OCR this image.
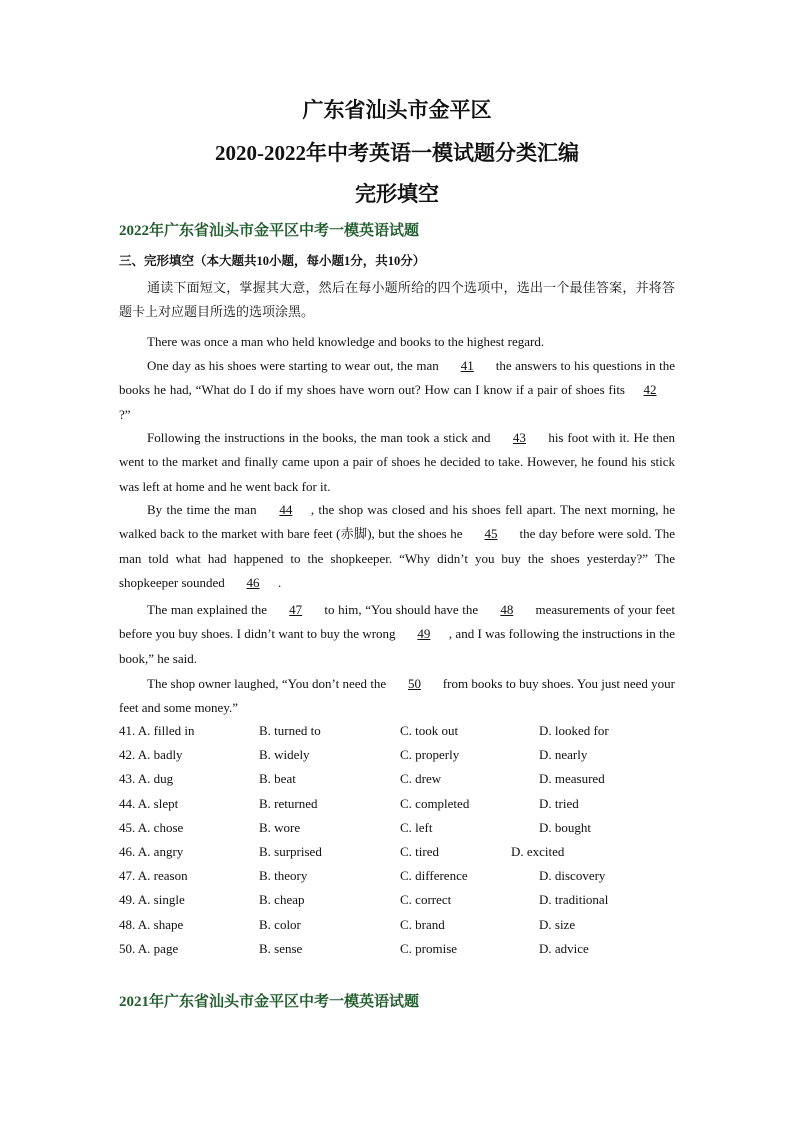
广东省汕头市金平区
2020-2022年中考英语一模试题分类汇编
完形填空
2022年广东省汕头市金平区中考一模英语试题
三、完形填空（本大题共10小题，每小题1分，共10分）
通读下面短文，掌握其大意，然后在每小题所给的四个选项中，选出一个最佳答案，并将答题卡上对应题目所选的选项涂黑。
There was once a man who held knowledge and books to the highest regard.
One day as his shoes were starting to wear out, the man 41 the answers to his questions in the books he had, “What do I do if my shoes have worn out? How can I know if a pair of shoes fits 42?”
Following the instructions in the books, the man took a stick and 43 his foot with it. He then went to the market and finally came upon a pair of shoes he decided to take. However, he found his stick was left at home and he went back for it.
By the time the man 44 , the shop was closed and his shoes fell apart. The next morning, he walked back to the market with bare feet (赤脚), but the shoes he 45 the day before were sold. The man told what had happened to the shopkeeper. “Why didn’t you buy the shoes yesterday?” The shopkeeper sounded 46 .
The man explained the 47 to him, “You should have the 48 measurements of your feet before you buy shoes. I didn’t want to buy the wrong 49 , and I was following the instructions in the book,” he said.
The shop owner laughed, “You don’t need the 50 from books to buy shoes. You just need your feet and some money.”
41. A. filled in	B. turned to	C. took out	D. looked for
42. A. badly	B. widely	C. properly	D. nearly
43. A. dug	B. beat	C. drew	D. measured
44. A. slept	B. returned	C. completed	D. tried
45. A. chose	B. wore	C. left	D. bought
46. A. angry	B. surprised	C. tired	D. excited
47. A. reason	B. theory	C. difference	D. discovery
49. A. single	B. cheap	C. correct	D. traditional
48. A. shape	B. color	C. brand	D. size
50. A. page	B. sense	C. promise	D. advice
2021年广东省汕头市金平区中考一模英语试题
